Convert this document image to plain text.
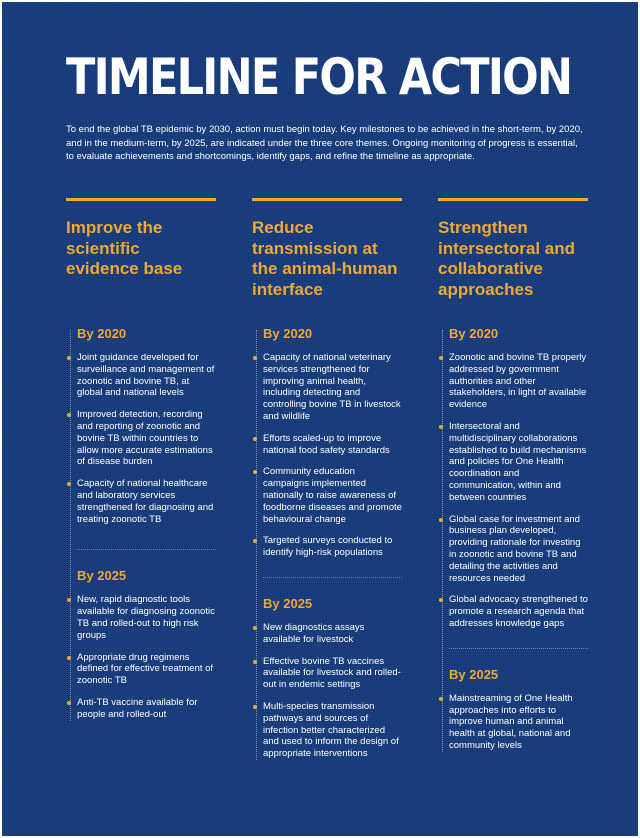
TIMELINE FOR ACTION

To end the global TB epidemic by 2030, action must begin today. Key milestones to be achieved in the short-term, by 2020, and in the medium-term, by 2025, are indicated under the three core themes. Ongoing monitoring of progress is essential, to evaluate achievements and shortcomings, identify gaps, and refine the timeline as appropriate.

Improve the scientific evidence base
By 2020

Joint guidance developed for surveillance and management of zoonotic and bovine TB, at global and national levels

Improved detection, recording and reporting of zoonotic and bovine TB within countries to allow more accurate estimations of disease burden

Capacity of national healthcare and laboratory services strengthened for diagnosing and treating zoonotic TB

By 2025

New, rapid diagnostic tools available for diagnosing zoonotic TB and rolled-out to high risk groups

Appropriate drug regimens defined for effective treatment of zoonotic TB

Anti-TB vaccine available for people and rolled-out

Reduce transmission at the animal-human interface
By 2020

Capacity of national veterinary services strengthened for improving animal health, including detecting and controlling bovine TB in livestock and wildlife

Efforts scaled-up to improve national food safety standards

Community education campaigns implemented nationally to raise awareness of foodborne diseases and promote behavioural change

Targeted surveys conducted to identify high-risk populations

By 2025

New diagnostics assays available for livestock

Effective bovine TB vaccines available for livestock and rolled-out in endemic settings

Multi-species transmission pathways and sources of infection better characterized and used to inform the design of appropriate interventions

Strengthen intersectoral and collaborative approaches
By 2020

Zoonotic and bovine TB properly addressed by government authorities and other stakeholders, in light of available evidence

Intersectoral and multidisciplinary collaborations established to build mechanisms and policies for One Health coordination and communication, within and between countries

Global case for investment and business plan developed, providing rationale for investing in zoonotic and bovine TB and detailing the activities and resources needed

Global advocacy strengthened to promote a research agenda that addresses knowledge gaps

By 2025

Mainstreaming of One Health approaches into efforts to improve human and animal health at global, national and community levels
